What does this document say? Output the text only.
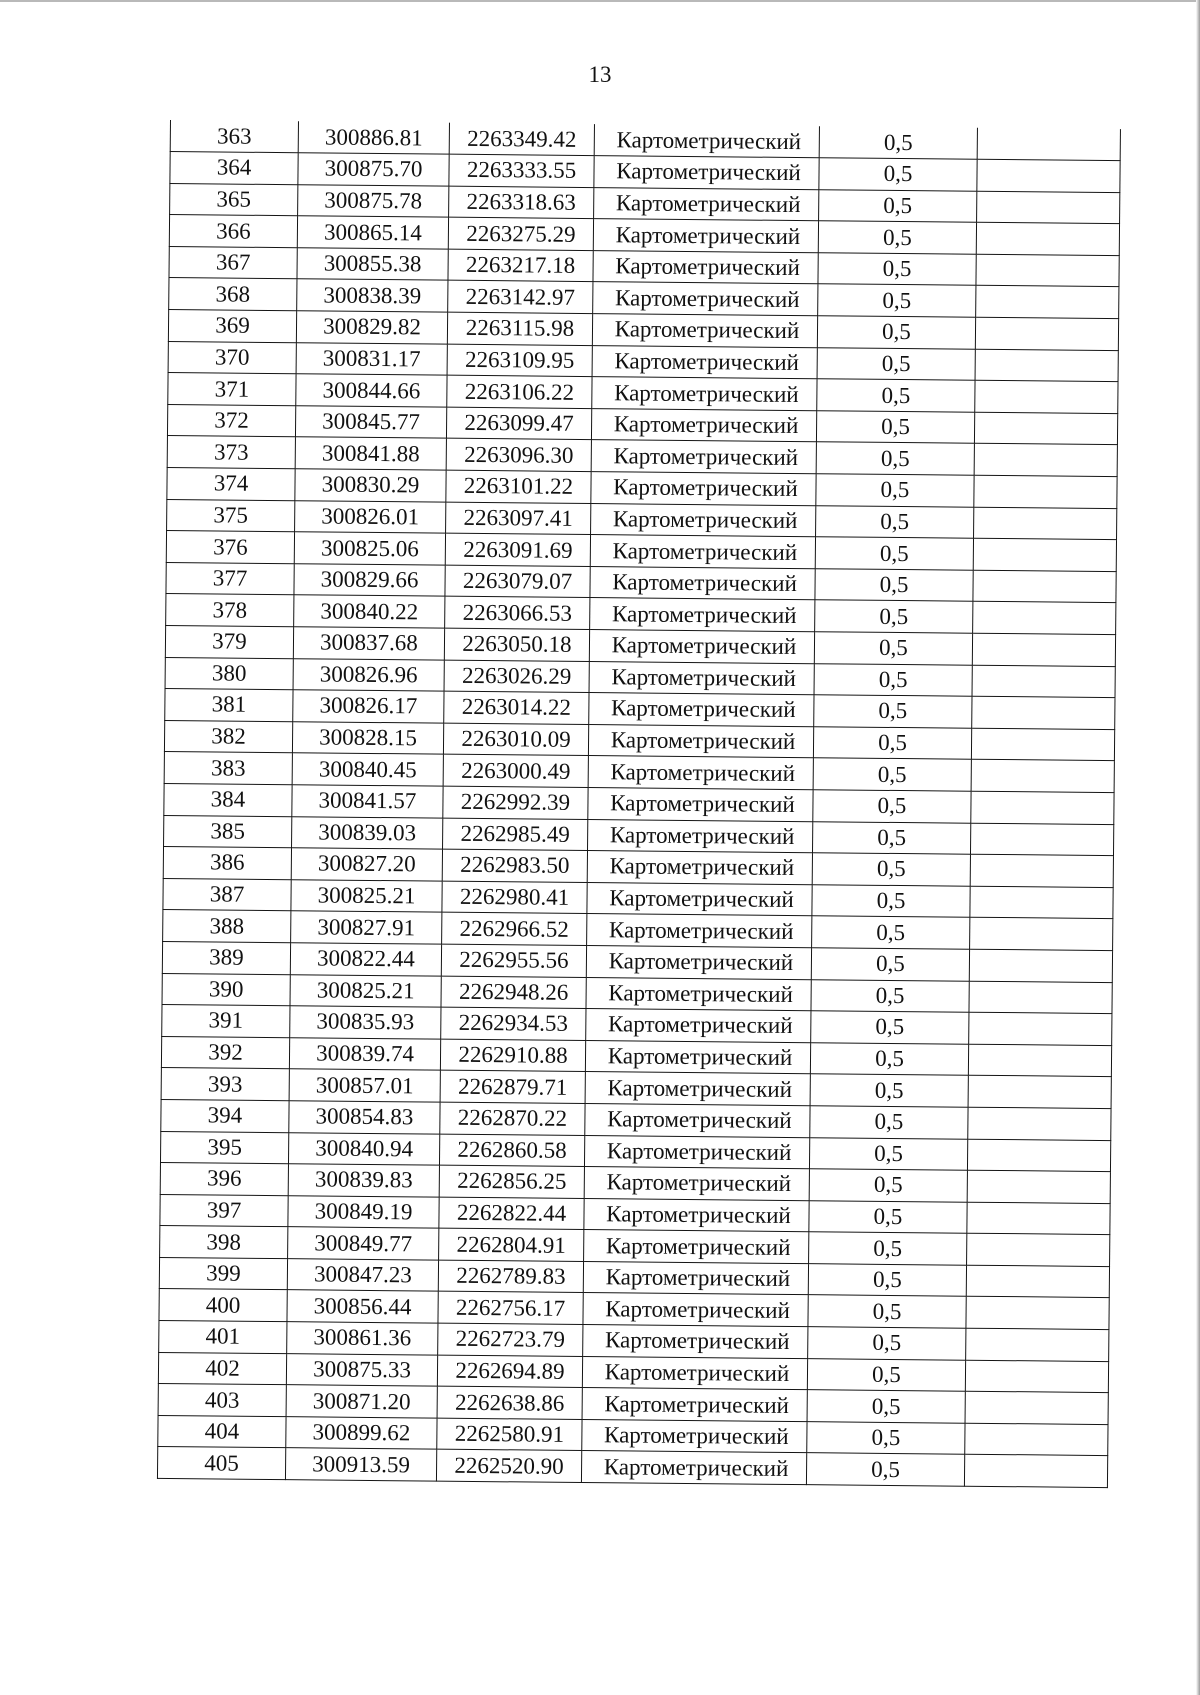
13
363	300886.81	2263349.42	Картометрический	0,5	
364	300875.70	2263333.55	Картометрический	0,5	
365	300875.78	2263318.63	Картометрический	0,5	
366	300865.14	2263275.29	Картометрический	0,5	
367	300855.38	2263217.18	Картометрический	0,5	
368	300838.39	2263142.97	Картометрический	0,5	
369	300829.82	2263115.98	Картометрический	0,5	
370	300831.17	2263109.95	Картометрический	0,5	
371	300844.66	2263106.22	Картометрический	0,5	
372	300845.77	2263099.47	Картометрический	0,5	
373	300841.88	2263096.30	Картометрический	0,5	
374	300830.29	2263101.22	Картометрический	0,5	
375	300826.01	2263097.41	Картометрический	0,5	
376	300825.06	2263091.69	Картометрический	0,5	
377	300829.66	2263079.07	Картометрический	0,5	
378	300840.22	2263066.53	Картометрический	0,5	
379	300837.68	2263050.18	Картометрический	0,5	
380	300826.96	2263026.29	Картометрический	0,5	
381	300826.17	2263014.22	Картометрический	0,5	
382	300828.15	2263010.09	Картометрический	0,5	
383	300840.45	2263000.49	Картометрический	0,5	
384	300841.57	2262992.39	Картометрический	0,5	
385	300839.03	2262985.49	Картометрический	0,5	
386	300827.20	2262983.50	Картометрический	0,5	
387	300825.21	2262980.41	Картометрический	0,5	
388	300827.91	2262966.52	Картометрический	0,5	
389	300822.44	2262955.56	Картометрический	0,5	
390	300825.21	2262948.26	Картометрический	0,5	
391	300835.93	2262934.53	Картометрический	0,5	
392	300839.74	2262910.88	Картометрический	0,5	
393	300857.01	2262879.71	Картометрический	0,5	
394	300854.83	2262870.22	Картометрический	0,5	
395	300840.94	2262860.58	Картометрический	0,5	
396	300839.83	2262856.25	Картометрический	0,5	
397	300849.19	2262822.44	Картометрический	0,5	
398	300849.77	2262804.91	Картометрический	0,5	
399	300847.23	2262789.83	Картометрический	0,5	
400	300856.44	2262756.17	Картометрический	0,5	
401	300861.36	2262723.79	Картометрический	0,5	
402	300875.33	2262694.89	Картометрический	0,5	
403	300871.20	2262638.86	Картометрический	0,5	
404	300899.62	2262580.91	Картометрический	0,5	
405	300913.59	2262520.90	Картометрический	0,5	
